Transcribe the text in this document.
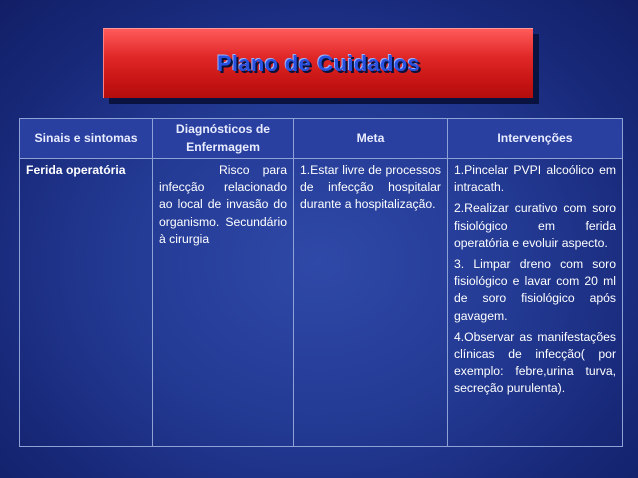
Plano de Cuidados
Sinais e sintomas
Diagnósticos de Enfermagem
Meta	Intervenções
Ferida operatória	Risco para infecção relacionado ao local de invasão do organismo. Secundário à cirurgia
1.Estar livre de processos de infecção hospitalar durante a hospitalização.

1.Pincelar PVPI alcoólico em intracath.

2.Realizar curativo com soro fisiológico em ferida operatória e evoluir aspecto.

3. Limpar dreno com soro fisiológico e lavar com 20 ml de soro fisiológico após gavagem.

4.Observar as manifestações clínicas de infecção( por exemplo: febre,urina turva, secreção purulenta).
